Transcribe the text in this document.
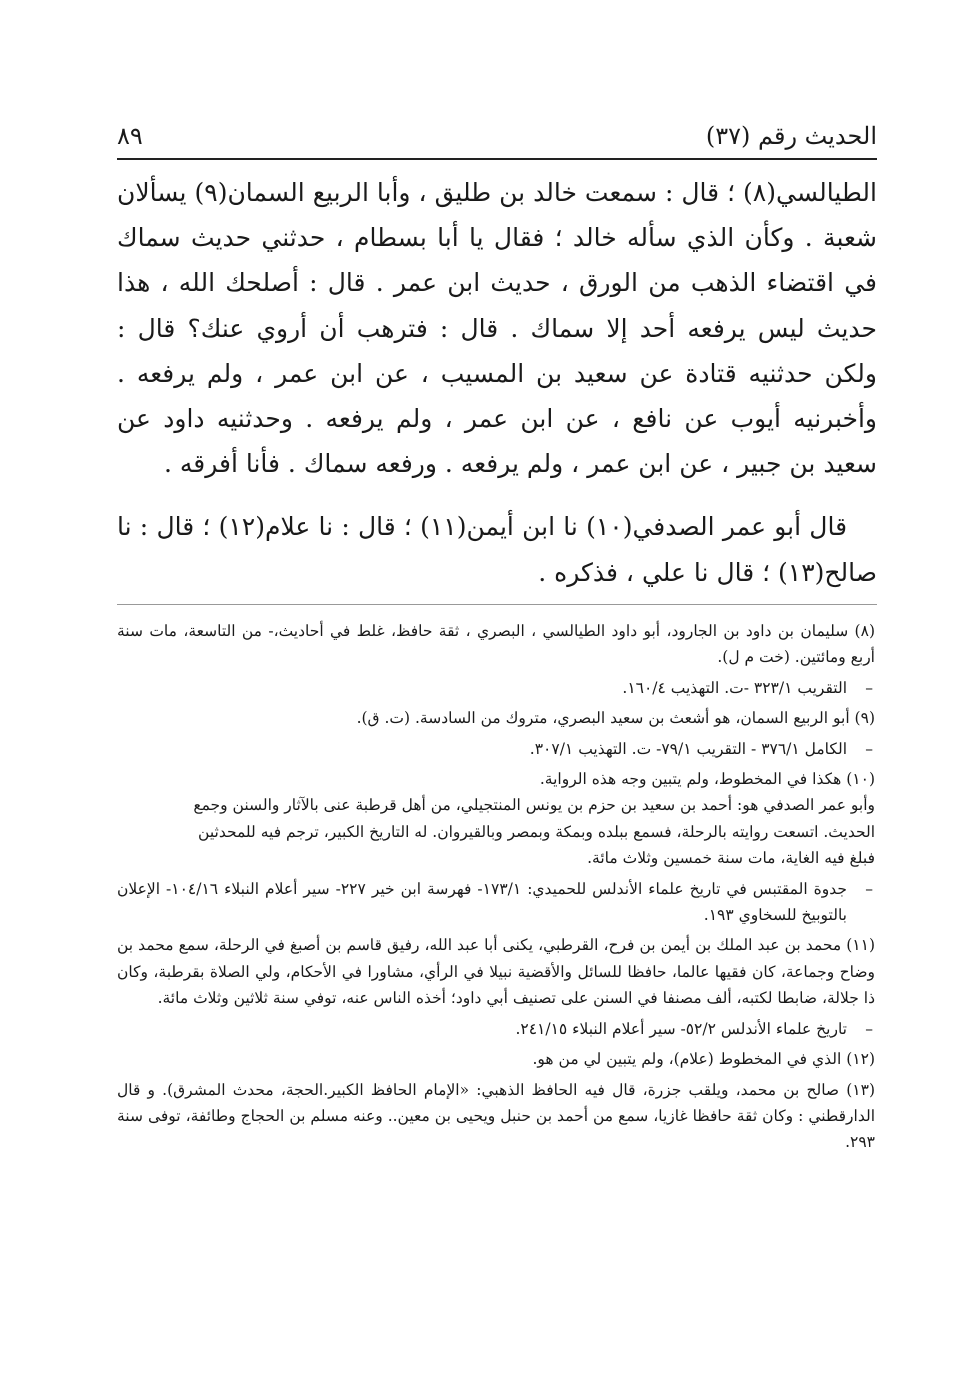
الحديث رقم (٣٧)
٨٩

الطيالسي(٨) ؛ قال : سمعت خالد بن طليق ، وأبا الربيع السمان(٩) يسألان شعبة . وكأن الذي سأله خالد ؛ فقال يا أبا بسطام ، حدثني حديث سماك في اقتضاء الذهب من الورق ، حديث ابن عمر . قال : أصلحك الله ، هذا حديث ليس يرفعه أحد إلا سماك . قال : فترهب أن أروي عنك؟ قال : ولكن حدثنيه قتادة عن سعيد بن المسيب ، عن ابن عمر ، ولم يرفعه . وأخبرنيه أيوب عن نافع ، عن ابن عمر ، ولم يرفعه . وحدثنيه داود عن سعيد بن جبير ، عن ابن عمر ، ولم يرفعه . ورفعه سماك . فأنا أفرقه .

قال أبو عمر الصدفي(١٠) نا ابن أيمن(١١) ؛ قال : نا علام(١٢) ؛ قال : نا صالح(١٣) ؛ قال نا علي ، فذكره .

(٨) سليمان بن داود بن الجارود، أبو داود الطيالسي ، البصري ، ثقة حافظ، غلط في أحاديث،- من التاسعة، مات سنة أربع ومائتين. (خت م ل).

–
التقريب ٣٢٣/١ -ت. التهذيب ١٦٠/٤.

(٩) أبو الربيع السمان، هو أشعث بن سعيد البصري، متروك من السادسة. (ت. ق).

–
الكامل ٣٧٦/١ - التقريب ٧٩/١- ت. التهذيب ٣٠٧/١.

(١٠) هكذا في المخطوط، ولم يتبين وجه هذه الرواية.

وأبو عمر الصدفي هو: أحمد بن سعيد بن حزم بن يونس المنتجيلي، من أهل قرطبة عنى بالآثار والسنن وجمع
الحديث. اتسعت روايته بالرحلة، فسمع ببلده وبمكة وبمصر وبالقيروان. له التاريخ الكبير، ترجم فيه للمحدثين
فبلغ فيه الغاية، مات سنة خمسين وثلاث مائة.

–
جدوة المقتبس في تاريخ علماء الأندلس للحميدي: ١٧٣/١- فهرسة ابن خير ٢٢٧- سير أعلام النبلاء ١٠٤/١٦- الإعلان بالتوبيخ للسخاوي ١٩٣.

(١١) محمد بن عبد الملك بن أيمن بن فرح، القرطبي، يكنى أبا عبد الله، رفيق قاسم بن أصبغ في الرحلة، سمع محمد بن وضاح وجماعة، كان فقيها عالما، حافظا للسائل والأقضية نبيلا في الرأي، مشاورا في الأحكام، ولي الصلاة بقرطبة، وكان ذا جلالة، ضابطا لكتبه، ألف مصنفا في السنن على تصنيف أبي داود؛ أخذه الناس عنه، توفي سنة ثلاثين وثلاث مائة.

–
تاريخ علماء الأندلس ٥٢/٢- سير أعلام النبلاء ٢٤١/١٥.

(١٢) الذي في المخطوط (علام)، ولم يتبين لي من هو.

(١٣) صالح بن محمد، ويلقب جزرة، قال فيه الحافظ الذهبي: «الإمام الحافظ الكبير.الحجة، محدث المشرق). و قال الدارقطني : وكان ثقة حافظا غازيا، سمع من أحمد بن حنبل ويحيى بن معين.. وعنه مسلم بن الحجاج وطائفة، توفى سنة ٢٩٣.
